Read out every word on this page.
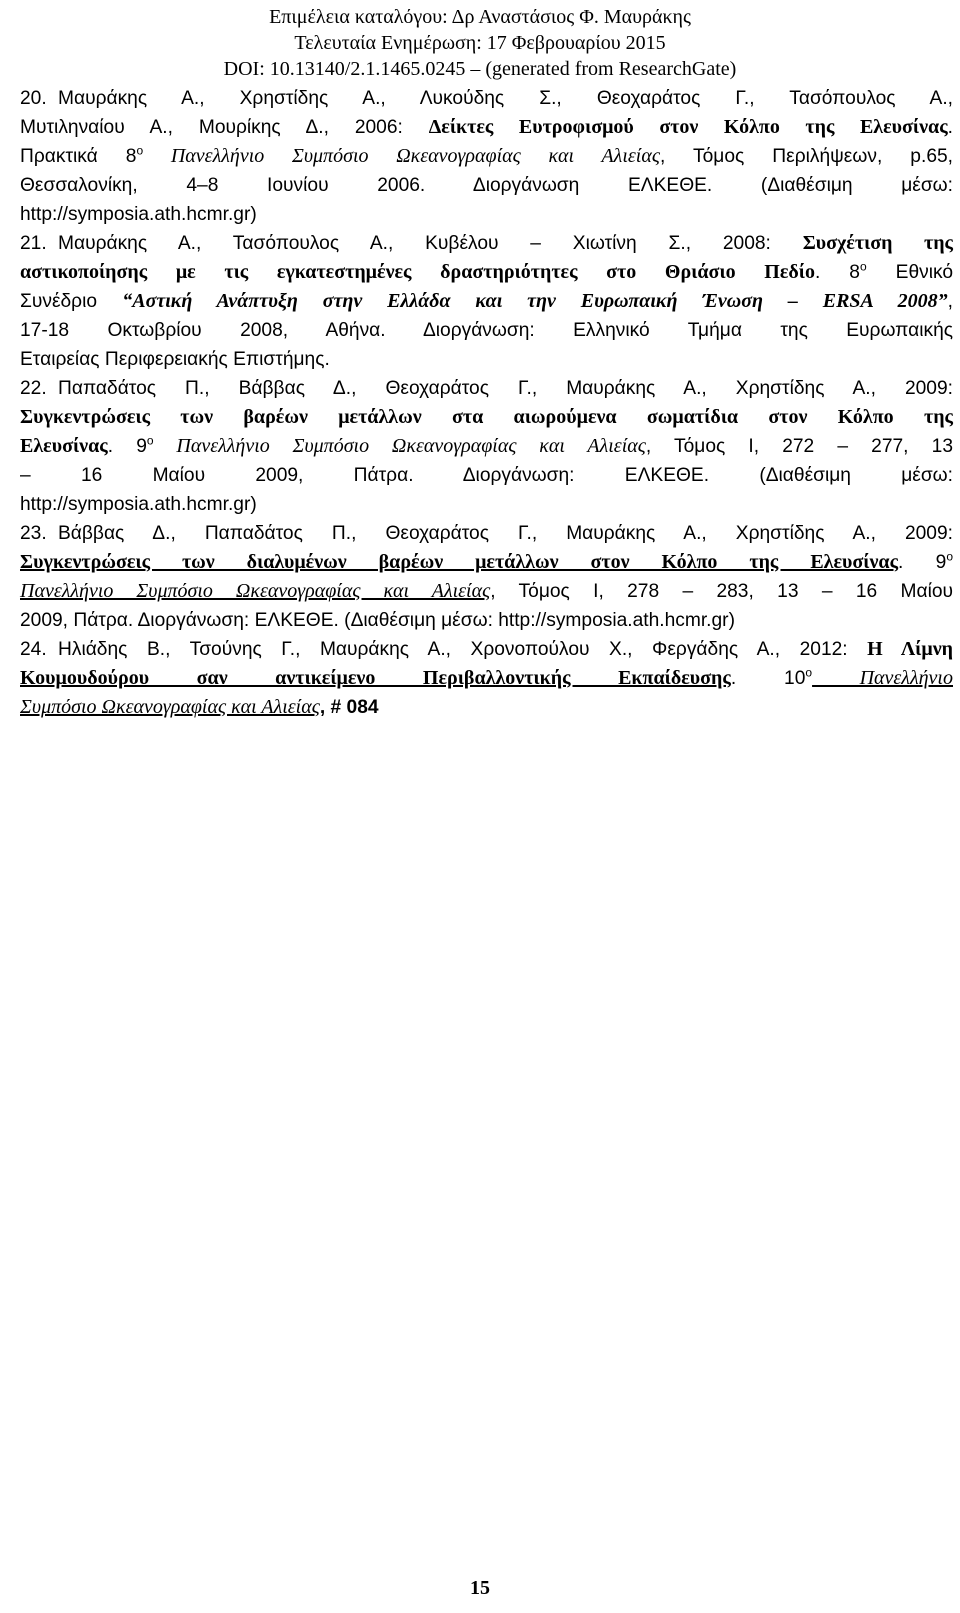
Επιμέλεια καταλόγου: Δρ Αναστάσιος Φ. Μαυράκης
Τελευταία Ενημέρωση: 17 Φεβρουαρίου 2015
DOI: 10.13140/2.1.1465.0245 – (generated from ResearchGate)
20. Μαυράκης Α., Χρηστίδης Α., Λυκούδης Σ., Θεοχαράτος Γ., Τασόπουλος Α.,
Μυτιληναίου Α., Μουρίκης Δ., 2006: Δείκτες Ευτροφισμού στον Κόλπο της Ελευσίνας.
Πρακτικά $8^o$ Πανελλήνιο Συμπόσιο Ωκεανογραφίας και Αλιείας, Τόμος Περιλήψεων, p.65,
Θεσσαλονίκη, 4–8 Ιουνίου 2006. Διοργάνωση ΕΛΚΕΘΕ. (Διαθέσιμη μέσω:
http://symposia.ath.hcmr.gr)
21. Μαυράκης Α., Τασόπουλος Α., Κυβέλου – Χιωτίνη Σ., 2008: Συσχέτιση της
αστικοποίησης με τις εγκατεστημένες δραστηριότητες στο Θριάσιο Πεδίο. $8^o$ Εθνικό
Συνέδριο “Αστική Ανάπτυξη στην Ελλάδα και την Ευρωπαική Ένωση – ERSA 2008”,
17-18 Οκτωβρίου 2008, Αθήνα. Διοργάνωση: Ελληνικό Τμήμα της Ευρωπαικής
Εταιρείας Περιφερειακής Επιστήμης.
22. Παπαδάτος Π., Βάββας Δ., Θεοχαράτος Γ., Μαυράκης Α., Χρηστίδης Α., 2009:
Συγκεντρώσεις των βαρέων μετάλλων στα αιωρούμενα σωματίδια στον Κόλπο της
Ελευσίνας. $9^o$ Πανελλήνιο Συμπόσιο Ωκεανογραφίας και Αλιείας, Τόμος Ι, 272 – 277, 13
– 16 Μαίου 2009, Πάτρα. Διοργάνωση: ΕΛΚΕΘΕ. (Διαθέσιμη μέσω:
http://symposia.ath.hcmr.gr)
23. Βάββας Δ., Παπαδάτος Π., Θεοχαράτος Γ., Μαυράκης Α., Χρηστίδης Α., 2009:
Συγκεντρώσεις των διαλυμένων βαρέων μετάλλων στον Κόλπο της Ελευσίνας. $9^o$
Πανελλήνιο Συμπόσιο Ωκεανογραφίας και Αλιείας, Τόμος Ι, 278 – 283, 13 – 16 Μαίου
2009, Πάτρα. Διοργάνωση: ΕΛΚΕΘΕ. (Διαθέσιμη μέσω: http://symposia.ath.hcmr.gr)
24. Ηλιάδης Β., Τσούνης Γ., Μαυράκης Α., Χρονοπούλου Χ., Φεργάδης Α., 2012: Η Λίμνη
Κουμουδούρου σαν αντικείμενο Περιβαλλοντικής Εκπαίδευσης. $10^o$ Πανελλήνιο
Συμπόσιο Ωκεανογραφίας και Αλιείας, # 084
15
